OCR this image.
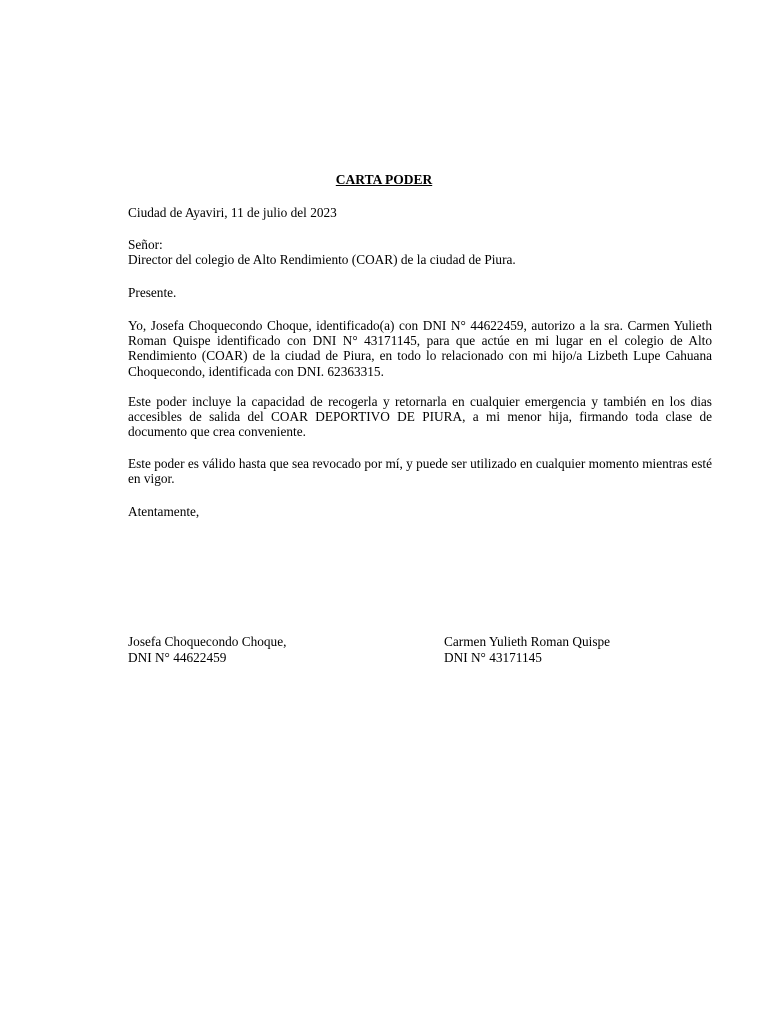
CARTA PODER
Ciudad de Ayaviri, 11 de julio del 2023
Señor:
Director del colegio de Alto Rendimiento (COAR) de la ciudad de Piura.
Presente.
Yo, Josefa Choquecondo Choque, identificado(a) con DNI N° 44622459, autorizo a la sra. Carmen Yulieth Roman Quispe identificado con DNI N° 43171145, para que actúe en mi lugar en el colegio de Alto Rendimiento (COAR) de la ciudad de Piura, en todo lo relacionado con mi hijo/a Lizbeth Lupe Cahuana Choquecondo, identificada con DNI. 62363315.
Este poder incluye la capacidad de recogerla y retornarla en cualquier emergencia y también en los dias accesibles de salida del COAR DEPORTIVO DE PIURA, a mi menor hija, firmando toda clase de documento que crea conveniente.
Este poder es válido hasta que sea revocado por mí, y puede ser utilizado en cualquier momento mientras esté en vigor.
Atentamente,
Josefa Choquecondo Choque,
DNI N° 44622459
Carmen Yulieth Roman Quispe
DNI N° 43171145
